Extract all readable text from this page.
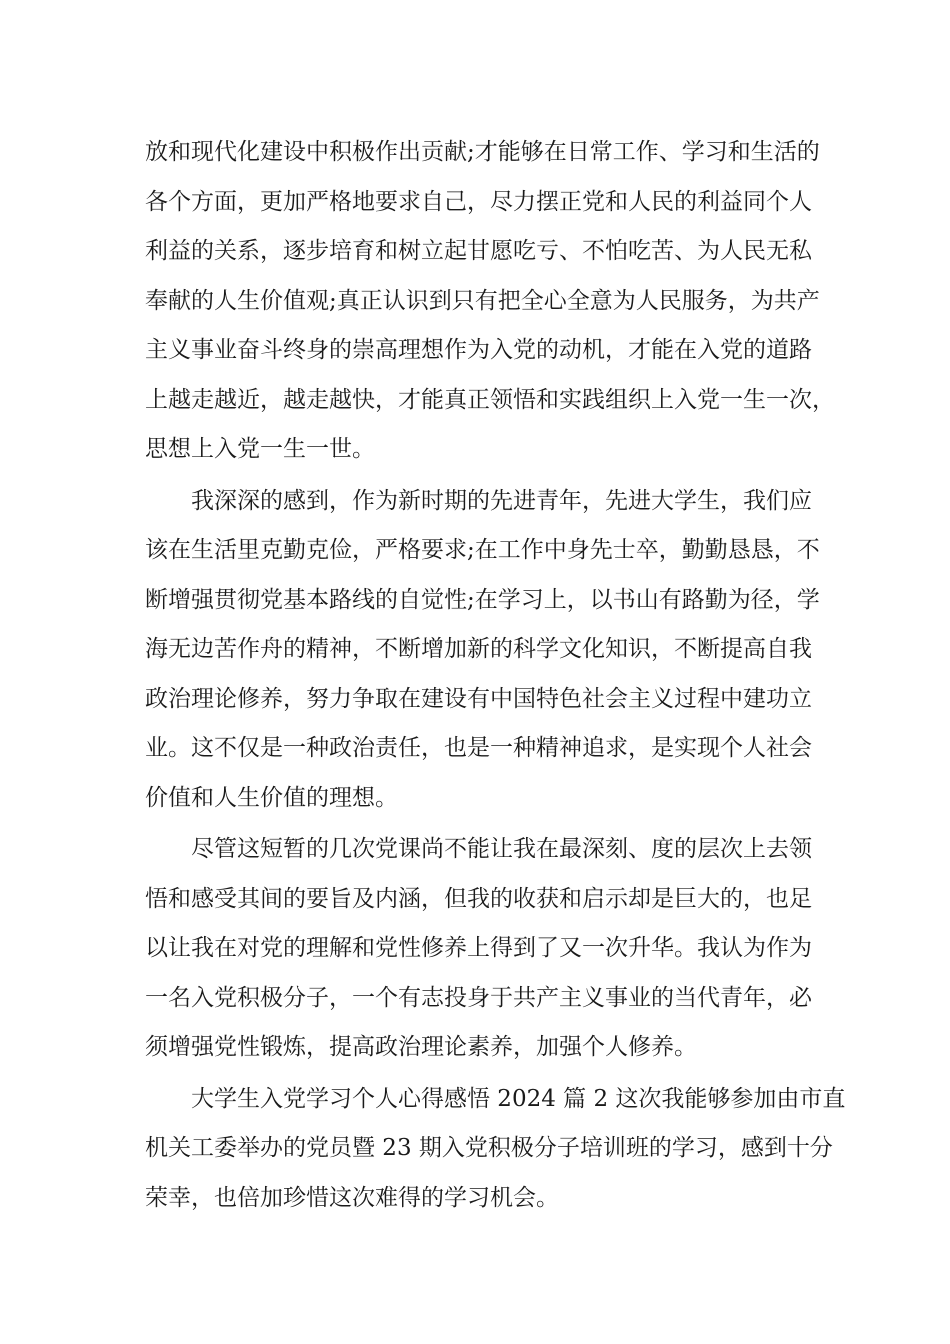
放和现代化建设中积极作出贡献;才能够在日常工作、学习和生活的
各个方面，更加严格地要求自己，尽力摆正党和人民的利益同个人
利益的关系，逐步培育和树立起甘愿吃亏、不怕吃苦、为人民无私
奉献的人生价值观;真正认识到只有把全心全意为人民服务，为共产
主义事业奋斗终身的崇高理想作为入党的动机，才能在入党的道路
上越走越近，越走越快，才能真正领悟和实践组织上入党一生一次，
思想上入党一生一世。
　　我深深的感到，作为新时期的先进青年，先进大学生，我们应
该在生活里克勤克俭，严格要求;在工作中身先士卒，勤勤恳恳，不
断增强贯彻党基本路线的自觉性;在学习上，以书山有路勤为径，学
海无边苦作舟的精神，不断增加新的科学文化知识，不断提高自我
政治理论修养，努力争取在建设有中国特色社会主义过程中建功立
业。这不仅是一种政治责任，也是一种精神追求，是实现个人社会
价值和人生价值的理想。
　　尽管这短暂的几次党课尚不能让我在最深刻、度的层次上去领
悟和感受其间的要旨及内涵，但我的收获和启示却是巨大的，也足
以让我在对党的理解和党性修养上得到了又一次升华。我认为作为
一名入党积极分子，一个有志投身于共产主义事业的当代青年，必
须增强党性锻炼，提高政治理论素养，加强个人修养。
　　大学生入党学习个人心得感悟 2024 篇 2 这次我能够参加由市直
机关工委举办的党员暨 23 期入党积极分子培训班的学习，感到十分
荣幸，也倍加珍惜这次难得的学习机会。
